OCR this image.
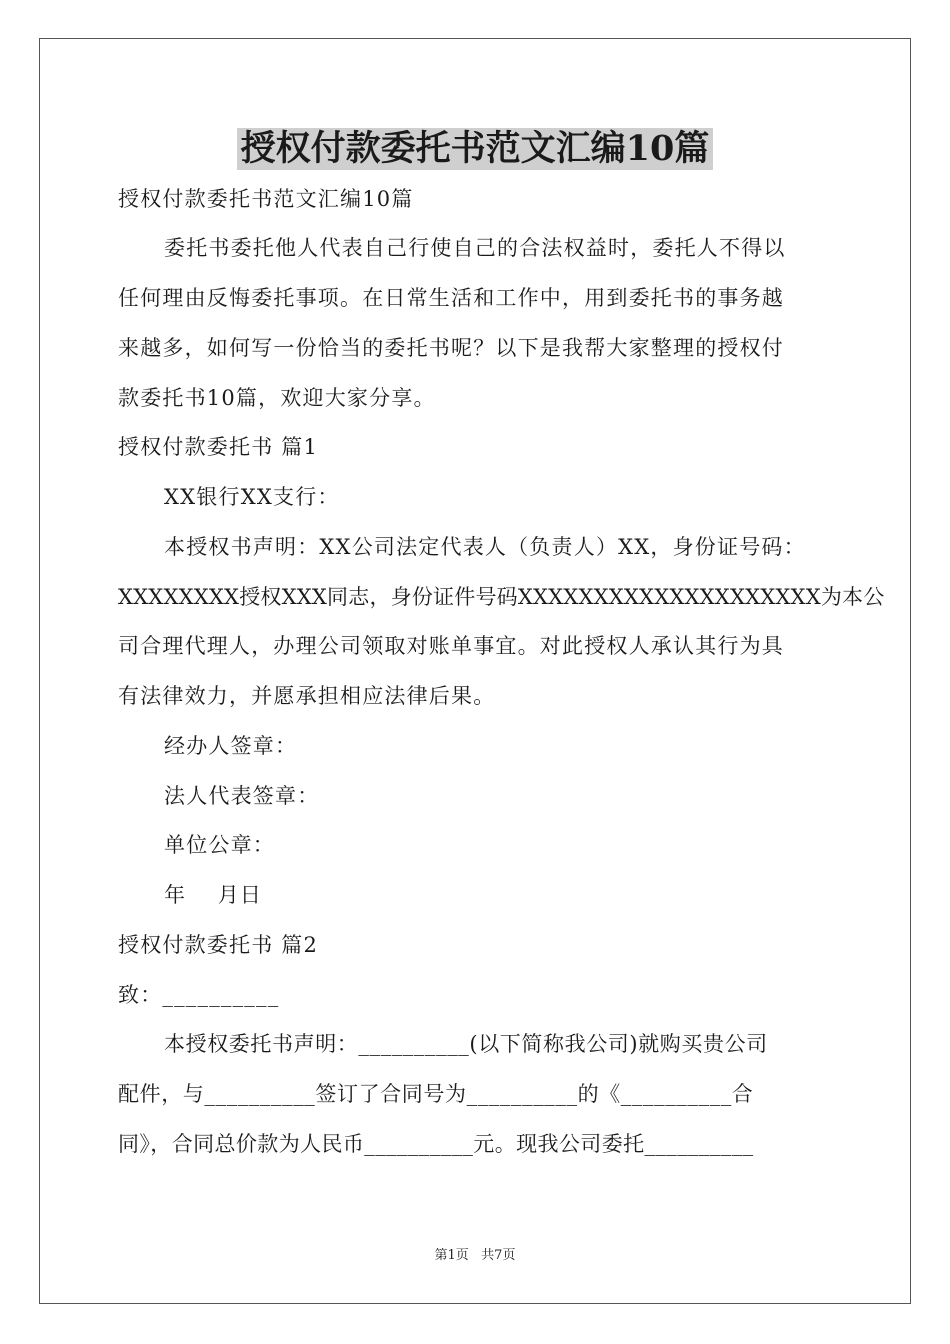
授权付款委托书范文汇编10篇
授权付款委托书范文汇编10篇
委托书委托他人代表自己行使自己的合法权益时，委托人不得以
任何理由反悔委托事项。在日常生活和工作中，用到委托书的事务越
来越多，如何写一份恰当的委托书呢？以下是我帮大家整理的授权付
款委托书10篇，欢迎大家分享。
授权付款委托书 篇1
XX银行XX支行：
本授权书声明：XX公司法定代表人（负责人）XX，身份证号码：
XXXXXXXX授权XXX同志，身份证件号码XXXXXXXXXXXXXXXXXXXX为本公
司合理代理人，办理公司领取对账单事宜。对此授权人承认其行为具
有法律效力，并愿承担相应法律后果。
经办人签章：
法人代表签章：
单位公章：
年    月日
授权付款委托书 篇2
致：__________
本授权委托书声明：__________(以下简称我公司)就购买贵公司
配件，与__________签订了合同号为__________的《__________合
同》，合同总价款为人民币__________元。现我公司委托__________
第1页   共7页
